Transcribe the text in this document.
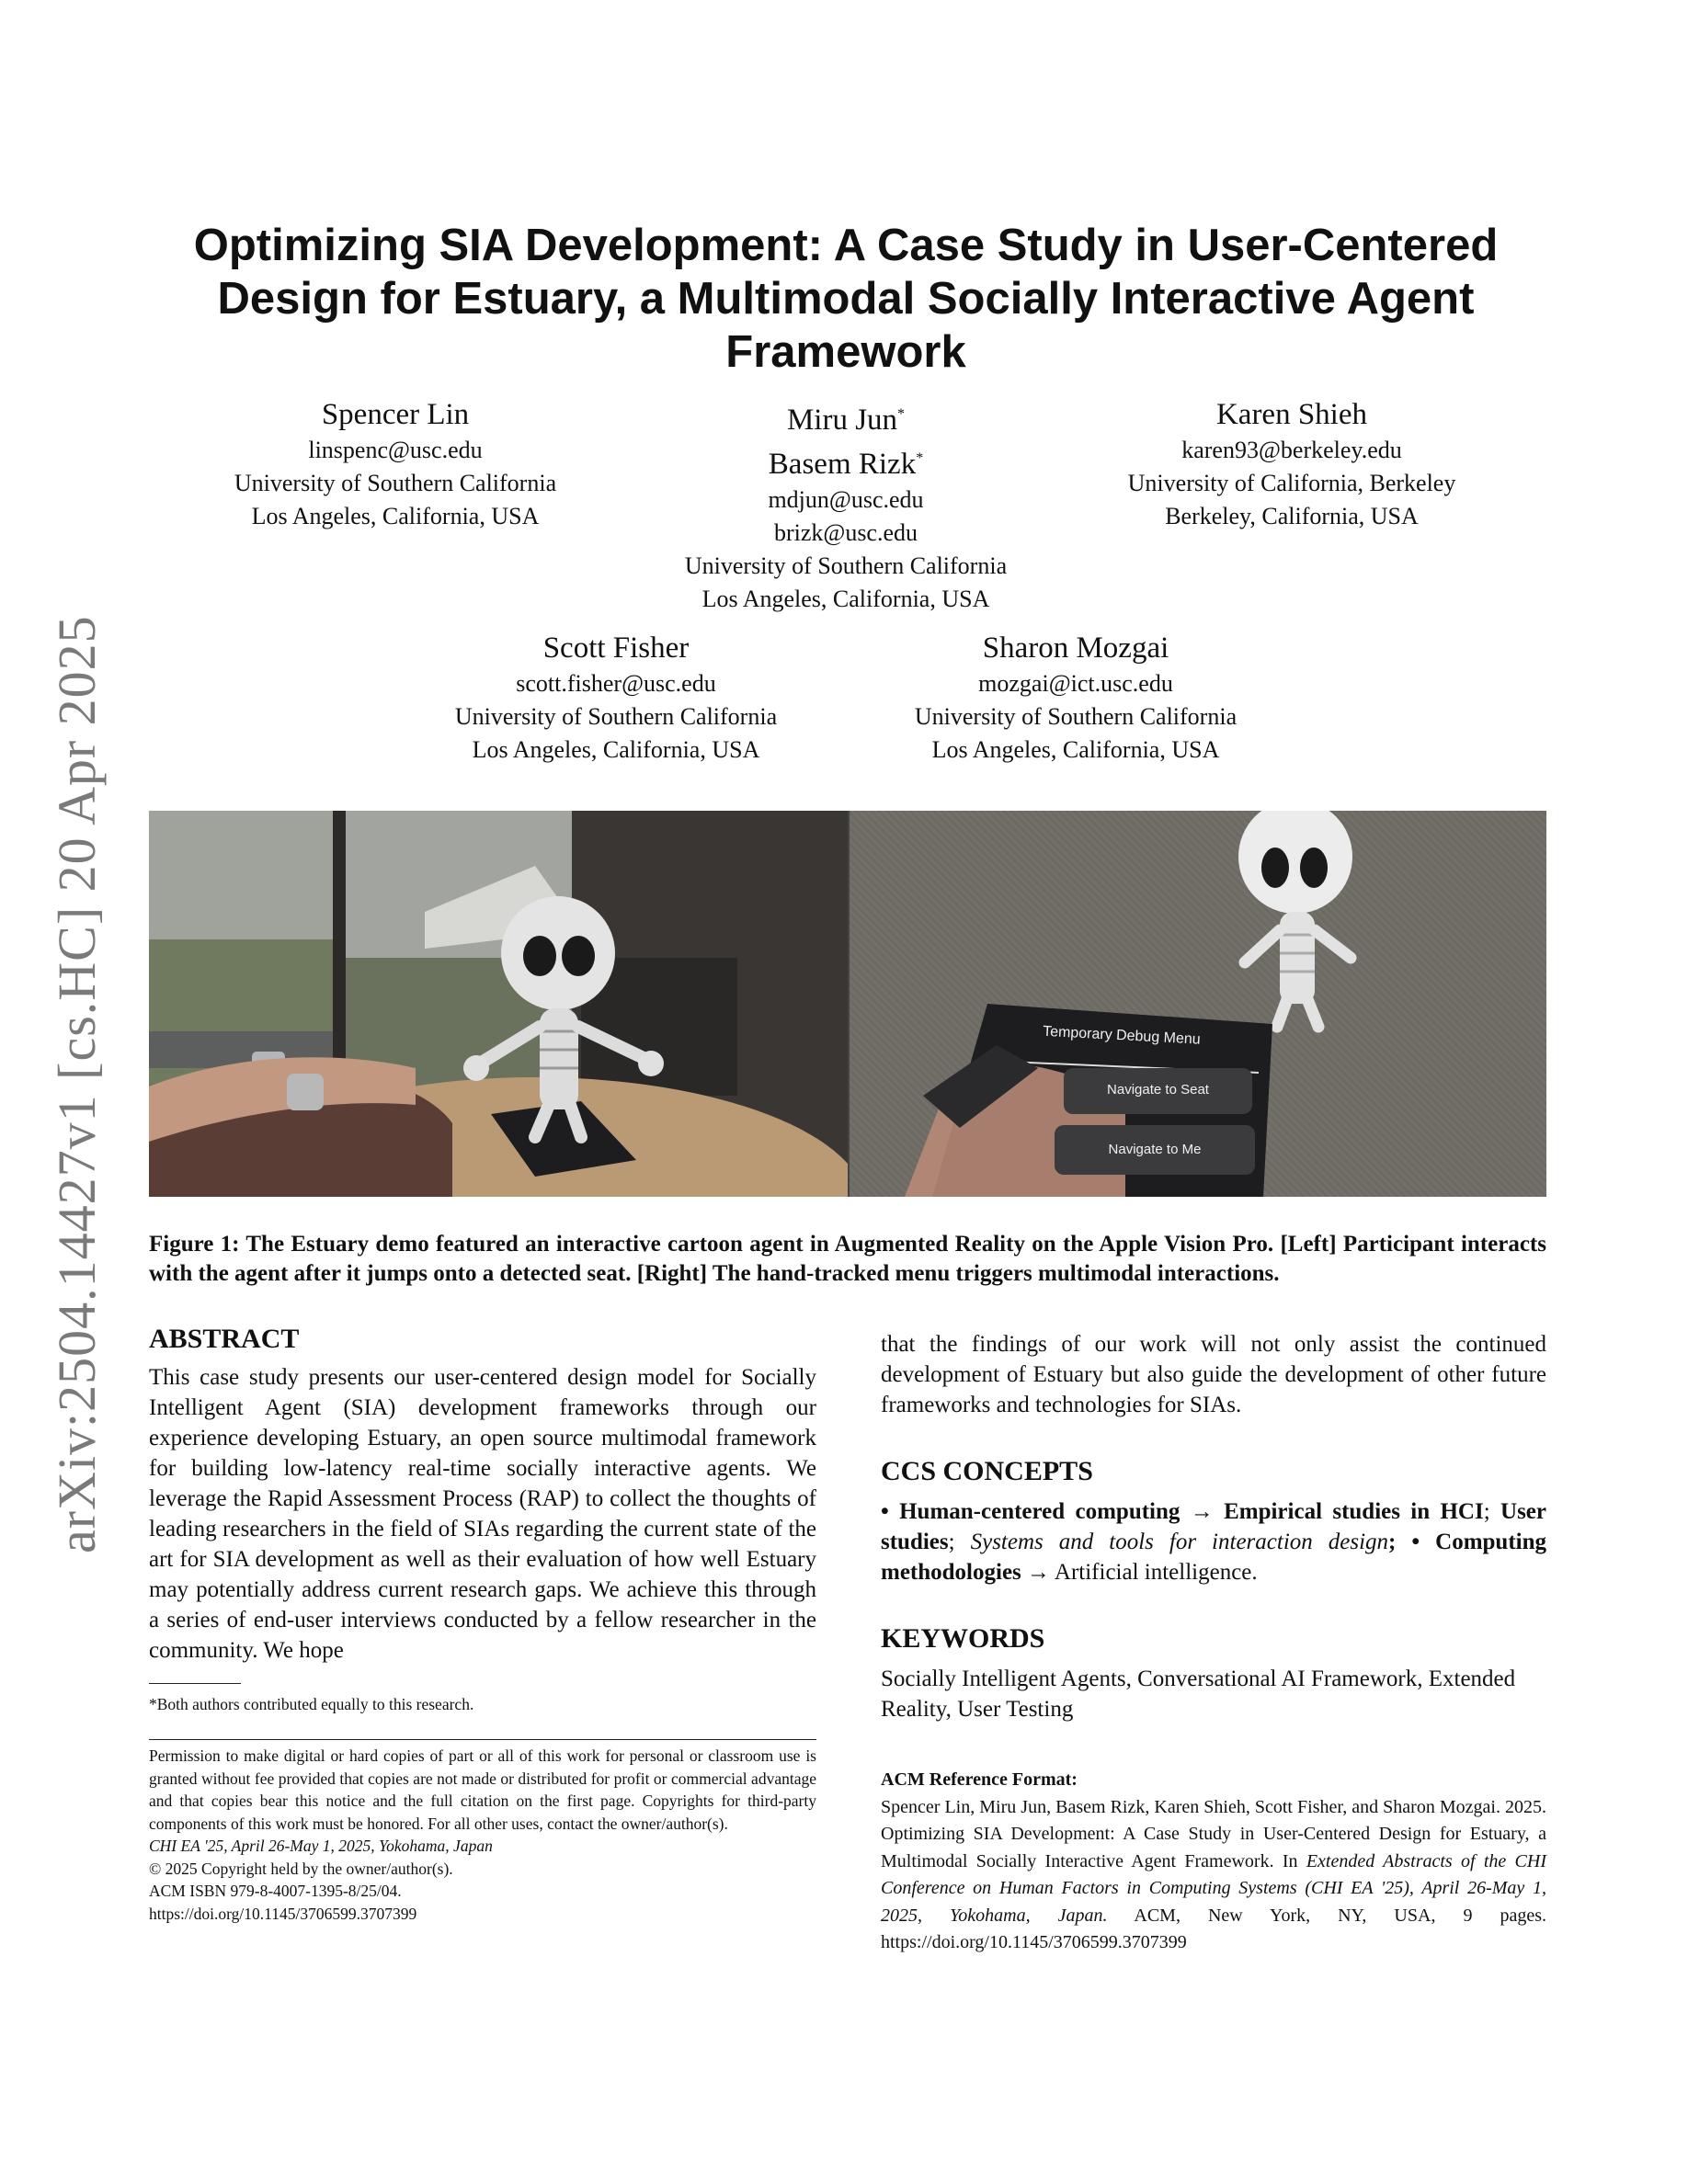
arXiv:2504.14427v1 [cs.HC] 20 Apr 2025
Optimizing SIA Development: A Case Study in User-Centered
Design for Estuary, a Multimodal Socially Interactive Agent
Framework
Spencer Lin
linspenc@usc.edu
University of Southern California
Los Angeles, California, USA
Miru Jun*
Basem Rizk*
mdjun@usc.edu
brizk@usc.edu
University of Southern California
Los Angeles, California, USA
Karen Shieh
karen93@berkeley.edu
University of California, Berkeley
Berkeley, California, USA
Scott Fisher
scott.fisher@usc.edu
University of Southern California
Los Angeles, California, USA
Sharon Mozgai
mozgai@ict.usc.edu
University of Southern California
Los Angeles, California, USA
Temporary Debug Menu
Navigate to Seat
Navigate to Me
Figure 1: The Estuary demo featured an interactive cartoon agent in Augmented Reality on the Apple Vision Pro. [Left] Participant interacts with the agent after it jumps onto a detected seat. [Right] The hand-tracked menu triggers multimodal interactions.
ABSTRACT
This case study presents our user-centered design model for Socially Intelligent Agent (SIA) development frameworks through our experience developing Estuary, an open source multimodal framework for building low-latency real-time socially interactive agents. We leverage the Rapid Assessment Process (RAP) to collect the thoughts of leading researchers in the field of SIAs regarding the current state of the art for SIA development as well as their evaluation of how well Estuary may potentially address current research gaps. We achieve this through a series of end-user interviews conducted by a fellow researcher in the community. We hope
*Both authors contributed equally to this research.
Permission to make digital or hard copies of part or all of this work for personal or classroom use is granted without fee provided that copies are not made or distributed for profit or commercial advantage and that copies bear this notice and the full citation on the first page. Copyrights for third-party components of this work must be honored. For all other uses, contact the owner/author(s).
CHI EA '25, April 26-May 1, 2025, Yokohama, Japan
© 2025 Copyright held by the owner/author(s).
ACM ISBN 979-8-4007-1395-8/25/04.
https://doi.org/10.1145/3706599.3707399
that the findings of our work will not only assist the continued development of Estuary but also guide the development of other future frameworks and technologies for SIAs.
CCS CONCEPTS
• Human-centered computing → Empirical studies in HCI; User studies; Systems and tools for interaction design; • Computing methodologies → Artificial intelligence.
KEYWORDS
Socially Intelligent Agents, Conversational AI Framework, Extended Reality, User Testing
ACM Reference Format:
Spencer Lin, Miru Jun, Basem Rizk, Karen Shieh, Scott Fisher, and Sharon Mozgai. 2025. Optimizing SIA Development: A Case Study in User-Centered Design for Estuary, a Multimodal Socially Interactive Agent Framework. In Extended Abstracts of the CHI Conference on Human Factors in Computing Systems (CHI EA '25), April 26-May 1, 2025, Yokohama, Japan. ACM, New York, NY, USA, 9 pages. https://doi.org/10.1145/3706599.3707399
